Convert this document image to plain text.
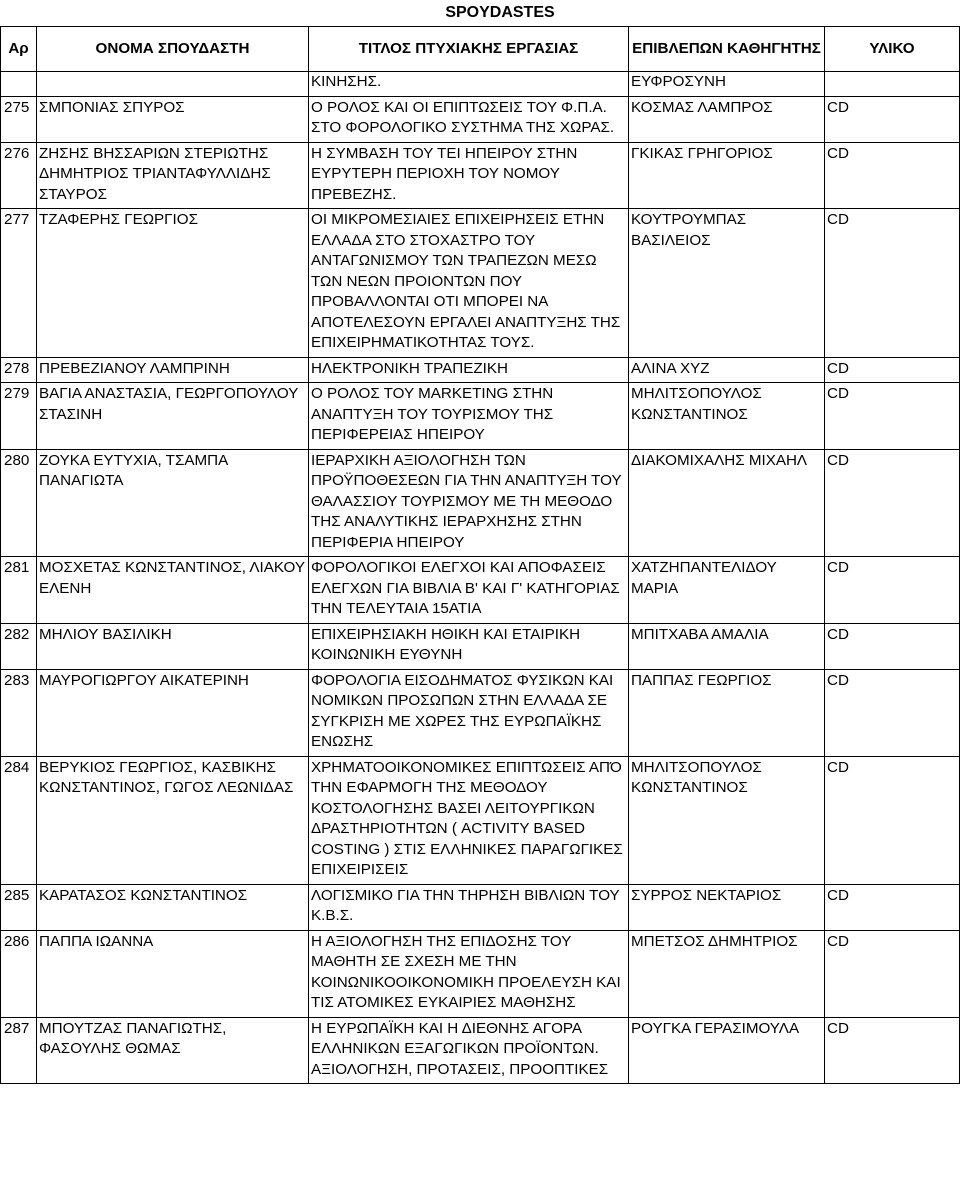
SPOYDASTES
Αρ	ΟΝΟΜΑ ΣΠΟΥΔΑΣΤΗ	ΤΙΤΛΟΣ ΠΤΥΧΙΑΚΗΣ ΕΡΓΑΣΙΑΣ	ΕΠΙΒΛΕΠΩΝ ΚΑΘΗΓΗΤΗΣ	ΥΛΙΚΟ
		ΚΙΝΗΣΗΣ.	ΕΥΦΡΟΣΥΝΗ	
275	ΣΜΠΟΝΙΑΣ ΣΠΥΡΟΣ	Ο ΡΟΛΟΣ ΚΑΙ ΟΙ ΕΠΙΠΤΩΣΕΙΣ ΤΟΥ Φ.Π.Α. ΣΤΟ ΦΟΡΟΛΟΓΙΚΟ ΣΥΣΤΗΜΑ ΤΗΣ ΧΩΡΑΣ.	ΚΟΣΜΑΣ ΛΑΜΠΡΟΣ	CD
276	ΖΗΣΗΣ ΒΗΣΣΑΡΙΩΝ ΣΤΕΡΙΩΤΗΣ ΔΗΜΗΤΡΙΟΣ ΤΡΙΑΝΤΑΦΥΛΛΙΔΗΣ ΣΤΑΥΡΟΣ	Η ΣΥΜΒΑΣΗ ΤΟΥ ΤΕΙ ΗΠΕΙΡΟΥ ΣΤΗΝ ΕΥΡΥΤΕΡΗ ΠΕΡΙΟΧΗ ΤΟΥ ΝΟΜΟΥ ΠΡΕΒΕΖΗΣ.	ΓΚΙΚΑΣ ΓΡΗΓΟΡΙΟΣ	CD
277	ΤΖΑΦΕΡΗΣ ΓΕΩΡΓΙΟΣ	ΟΙ ΜΙΚΡΟΜΕΣΙΑΙΕΣ ΕΠΙΧΕΙΡΗΣΕΙΣ ΕΤΗΝ ΕΛΛΑΔΑ ΣΤΟ ΣΤΟΧΑΣΤΡΟ ΤΟΥ ΑΝΤΑΓΩΝΙΣΜΟΥ ΤΩΝ ΤΡΑΠΕΖΩΝ ΜΕΣΩ ΤΩΝ ΝΕΩΝ ΠΡΟΙΟΝΤΩΝ ΠΟΥ ΠΡΟΒΑΛΛΟΝΤΑΙ ΟΤΙ ΜΠΟΡΕΙ ΝΑ ΑΠΟΤΕΛΕΣΟΥΝ ΕΡΓΑΛΕΙ ΑΝΑΠΤΥΞΗΣ ΤΗΣ ΕΠΙΧΕΙΡΗΜΑΤΙΚΟΤΗΤΑΣ ΤΟΥΣ.	ΚΟΥΤΡΟΥΜΠΑΣ ΒΑΣΙΛΕΙΟΣ	CD
278	ΠΡΕΒΕΖΙΑΝΟΥ ΛΑΜΠΡΙΝΗ	ΗΛΕΚΤΡΟΝΙΚΗ ΤΡΑΠΕΖΙΚΗ	ΑΛΙΝΑ ΧΥΖ	CD
279	ΒΑΓΙΑ ΑΝΑΣΤΑΣΙΑ, ΓΕΩΡΓΟΠΟΥΛΟΥ ΣΤΑΣΙΝΗ	Ο ΡΟΛΟΣ ΤΟΥ MARKETING ΣΤΗΝ ΑΝΑΠΤΥΞΗ ΤΟΥ ΤΟΥΡΙΣΜΟΥ ΤΗΣ ΠΕΡΙΦΕΡΕΙΑΣ ΗΠΕΙΡΟΥ	ΜΗΛΙΤΣΟΠΟΥΛΟΣ ΚΩΝΣΤΑΝΤΙΝΟΣ	CD
280	ΖΟΥΚΑ ΕΥΤΥΧΙΑ, ΤΣΑΜΠΑ ΠΑΝΑΓΙΩΤΑ	ΙΕΡΑΡΧΙΚΗ ΑΞΙΟΛΟΓΗΣΗ ΤΩΝ ΠΡΟΫΠΟΘΕΣΕΩΝ ΓΙΑ ΤΗΝ ΑΝΑΠΤΥΞΗ ΤΟΥ ΘΑΛΑΣΣΙΟΥ ΤΟΥΡΙΣΜΟΥ ΜΕ ΤΗ ΜΕΘΟΔΟ ΤΗΣ ΑΝΑΛΥΤΙΚΗΣ ΙΕΡΑΡΧΗΣΗΣ ΣΤΗΝ ΠΕΡΙΦΕΡΙΑ ΗΠΕΙΡΟΥ	ΔΙΑΚΟΜΙΧΑΛΗΣ ΜΙΧΑΗΛ	CD
281	ΜΟΣΧΕΤΑΣ ΚΩΝΣΤΑΝΤΙΝΟΣ, ΛΙΑΚΟΥ ΕΛΕΝΗ	ΦΟΡΟΛΟΓΙΚΟΙ ΕΛΕΓΧΟΙ ΚΑΙ ΑΠΟΦΑΣΕΙΣ ΕΛΕΓΧΩΝ ΓΙΑ ΒΙΒΛΙΑ Β' ΚΑΙ Γ' ΚΑΤΗΓΟΡΙΑΣ ΤΗΝ ΤΕΛΕΥΤΑΙΑ 15ΑΤΙΑ	ΧΑΤΖΗΠΑΝΤΕΛΙΔΟΥ ΜΑΡΙΑ	CD
282	ΜΗΛΙΟΥ ΒΑΣΙΛΙΚΗ	ΕΠΙΧΕΙΡΗΣΙΑΚΗ ΗΘΙΚΗ ΚΑΙ ΕΤΑΙΡΙΚΗ ΚΟΙΝΩΝΙΚΗ ΕΥΘΥΝΗ	ΜΠΙΤΧΑΒΑ ΑΜΑΛΙΑ	CD
283	ΜΑΥΡΟΓΙΩΡΓΟΥ ΑΙΚΑΤΕΡΙΝΗ	ΦΟΡΟΛΟΓΙΑ ΕΙΣΟΔΗΜΑΤΟΣ ΦΥΣΙΚΩΝ ΚΑΙ ΝΟΜΙΚΩΝ ΠΡΟΣΩΠΩΝ ΣΤΗΝ ΕΛΛΑΔΑ ΣΕ ΣΥΓΚΡΙΣΗ ΜΕ ΧΩΡΕΣ ΤΗΣ ΕΥΡΩΠΑΪΚΗΣ ΕΝΩΣΗΣ	ΠΑΠΠΑΣ ΓΕΩΡΓΙΟΣ	CD
284	ΒΕΡΥΚΙΟΣ ΓΕΩΡΓΙΟΣ, ΚΑΣΒΙΚΗΣ ΚΩΝΣΤΑΝΤΙΝΟΣ, ΓΩΓΟΣ ΛΕΩΝΙΔΑΣ	ΧΡΗΜΑΤΟΟΙΚΟΝΟΜΙΚΕΣ ΕΠΙΠΤΩΣΕΙΣ ΑΠΌ ΤΗΝ ΕΦΑΡΜΟΓΗ ΤΗΣ ΜΕΘΟΔΟΥ ΚΟΣΤΟΛΟΓΗΣΗΣ ΒΑΣΕΙ ΛΕΙΤΟΥΡΓΙΚΩΝ ΔΡΑΣΤΗΡΙΟΤΗΤΩΝ ( ACTIVITY BASED COSTING ) ΣΤΙΣ ΕΛΛΗΝΙΚΕΣ ΠΑΡΑΓΩΓΙΚΕΣ ΕΠΙΧΕΙΡΙΣΕΙΣ	ΜΗΛΙΤΣΟΠΟΥΛΟΣ ΚΩΝΣΤΑΝΤΙΝΟΣ	CD
285	ΚΑΡΑΤΑΣΟΣ ΚΩΝΣΤΑΝΤΙΝΟΣ	ΛΟΓΙΣΜΙΚΟ ΓΙΑ ΤΗΝ ΤΗΡΗΣΗ ΒΙΒΛΙΩΝ ΤΟΥ Κ.Β.Σ.	ΣΥΡΡΟΣ ΝΕΚΤΑΡΙΟΣ	CD
286	ΠΑΠΠΑ ΙΩΑΝΝΑ	Η ΑΞΙΟΛΟΓΗΣΗ ΤΗΣ ΕΠΙΔΟΣΗΣ ΤΟΥ ΜΑΘΗΤΗ ΣΕ ΣΧΕΣΗ ΜΕ ΤΗΝ ΚΟΙΝΩΝΙΚΟΟΙΚΟΝΟΜΙΚΗ ΠΡΟΕΛΕΥΣΗ ΚΑΙ ΤΙΣ ΑΤΟΜΙΚΕΣ ΕΥΚΑΙΡΙΕΣ ΜΑΘΗΣΗΣ	ΜΠΕΤΣΟΣ ΔΗΜΗΤΡΙΟΣ	CD
287	ΜΠΟΥΤΖΑΣ ΠΑΝΑΓΙΩΤΗΣ, ΦΑΣΟΥΛΗΣ ΘΩΜΑΣ	Η ΕΥΡΩΠΑΪΚΗ ΚΑΙ Η ΔΙΕΘΝΗΣ ΑΓΟΡΑ ΕΛΛΗΝΙΚΩΝ ΕΞΑΓΩΓΙΚΩΝ ΠΡΟΪΟΝΤΩΝ. ΑΞΙΟΛΟΓΗΣΗ, ΠΡΟΤΑΣΕΙΣ, ΠΡΟΟΠΤΙΚΕΣ	ΡΟΥΓΚΑ ΓΕΡΑΣΙΜΟΥΛΑ	CD
